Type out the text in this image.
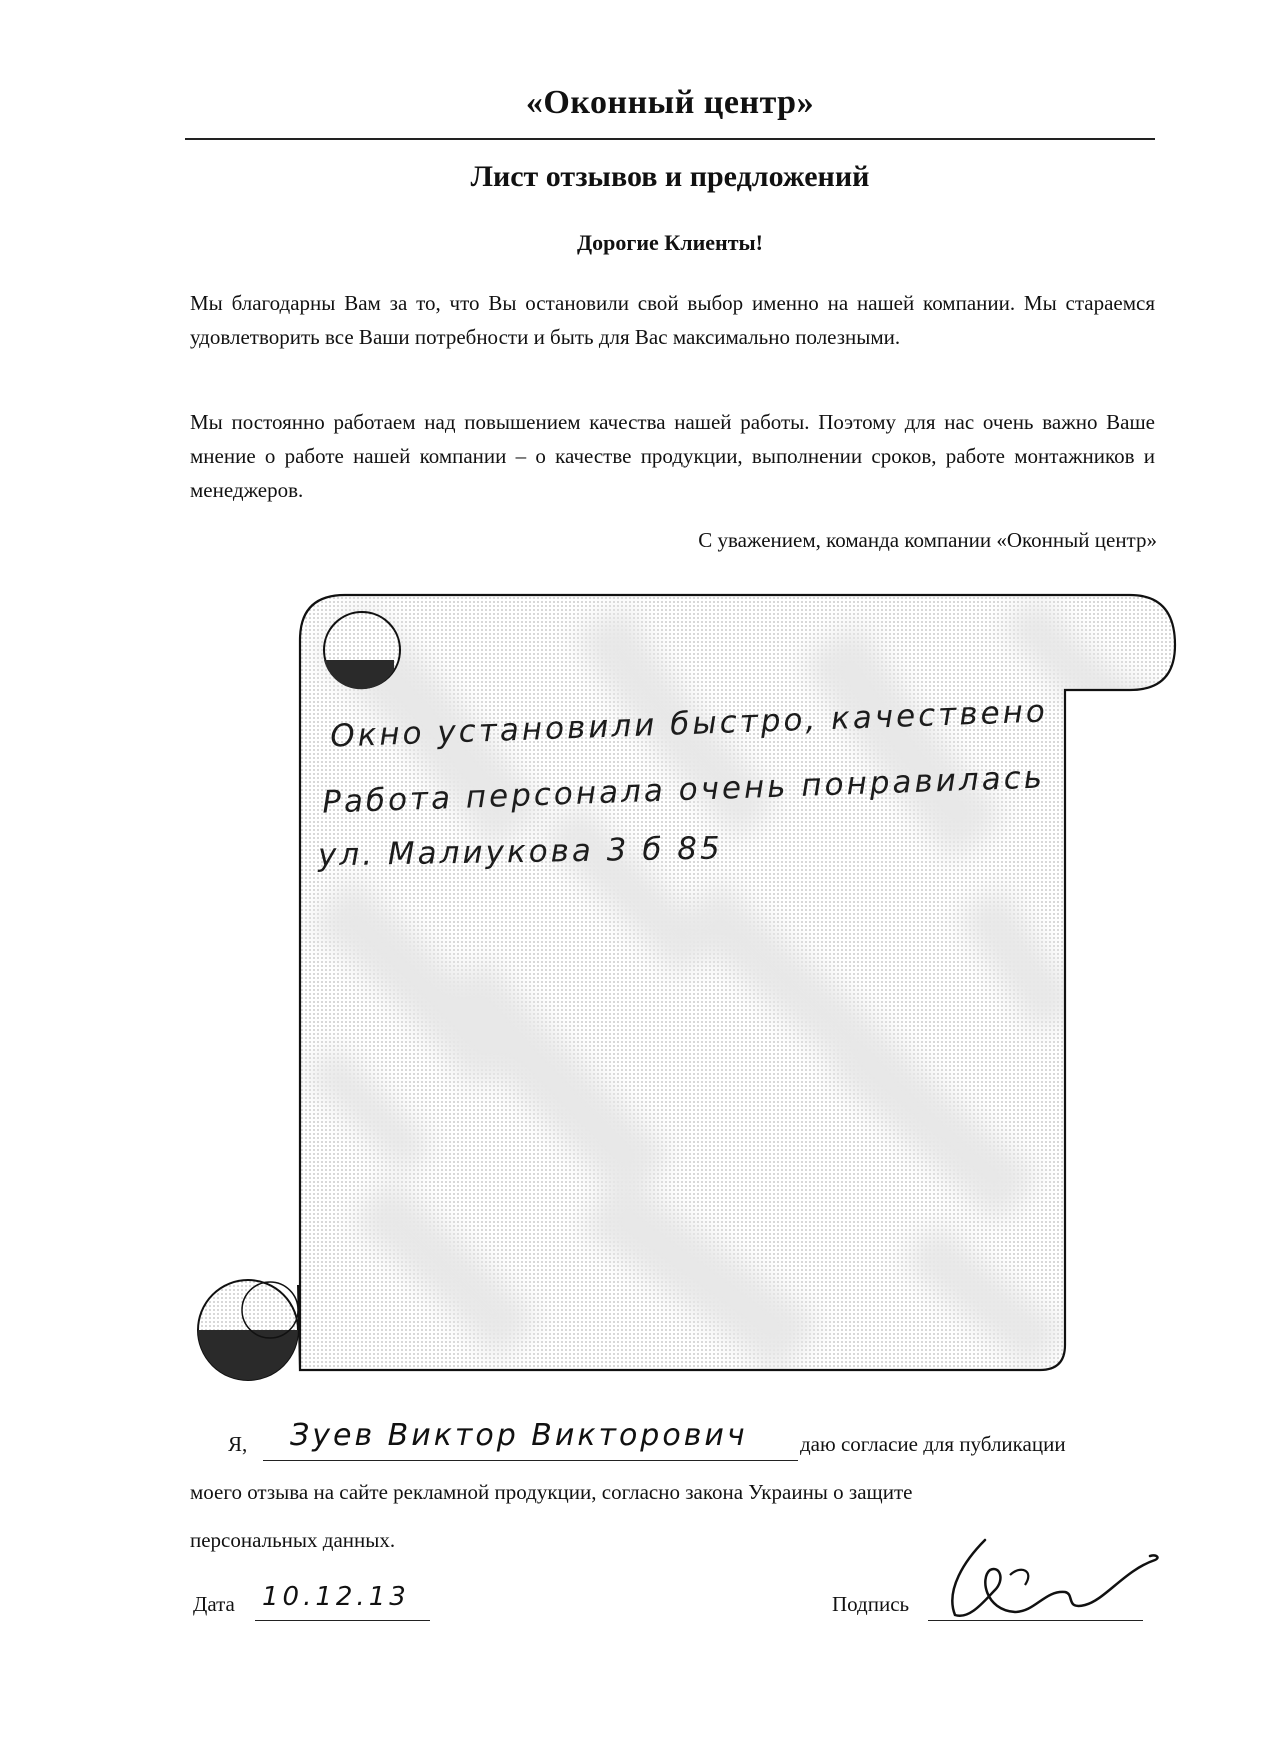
«Оконный центр»
Лист отзывов и предложений
Дорогие Клиенты!
Мы благодарны Вам за то, что Вы остановили свой выбор именно на нашей компании. Мы стараемся удовлетворить все Ваши потребности и быть для Вас максимально полезными.
Мы постоянно работаем над повышением качества нашей работы. Поэтому для нас очень важно Ваше мнение о работе нашей компании – о качестве продукции, выполнении сроков, работе монтажников и менеджеров.
С уважением, команда компании «Оконный центр»
Окно установили быстро, качествено
Работа персонала очень понравилась
ул. Малиукова 3 б 85
Я, Зуев Виктор Викторович даю согласие для публикации
моего отзыва на сайте рекламной продукции, согласно закона Украины о защите
персональных данных.
Дата 10.12.13	Подпись
